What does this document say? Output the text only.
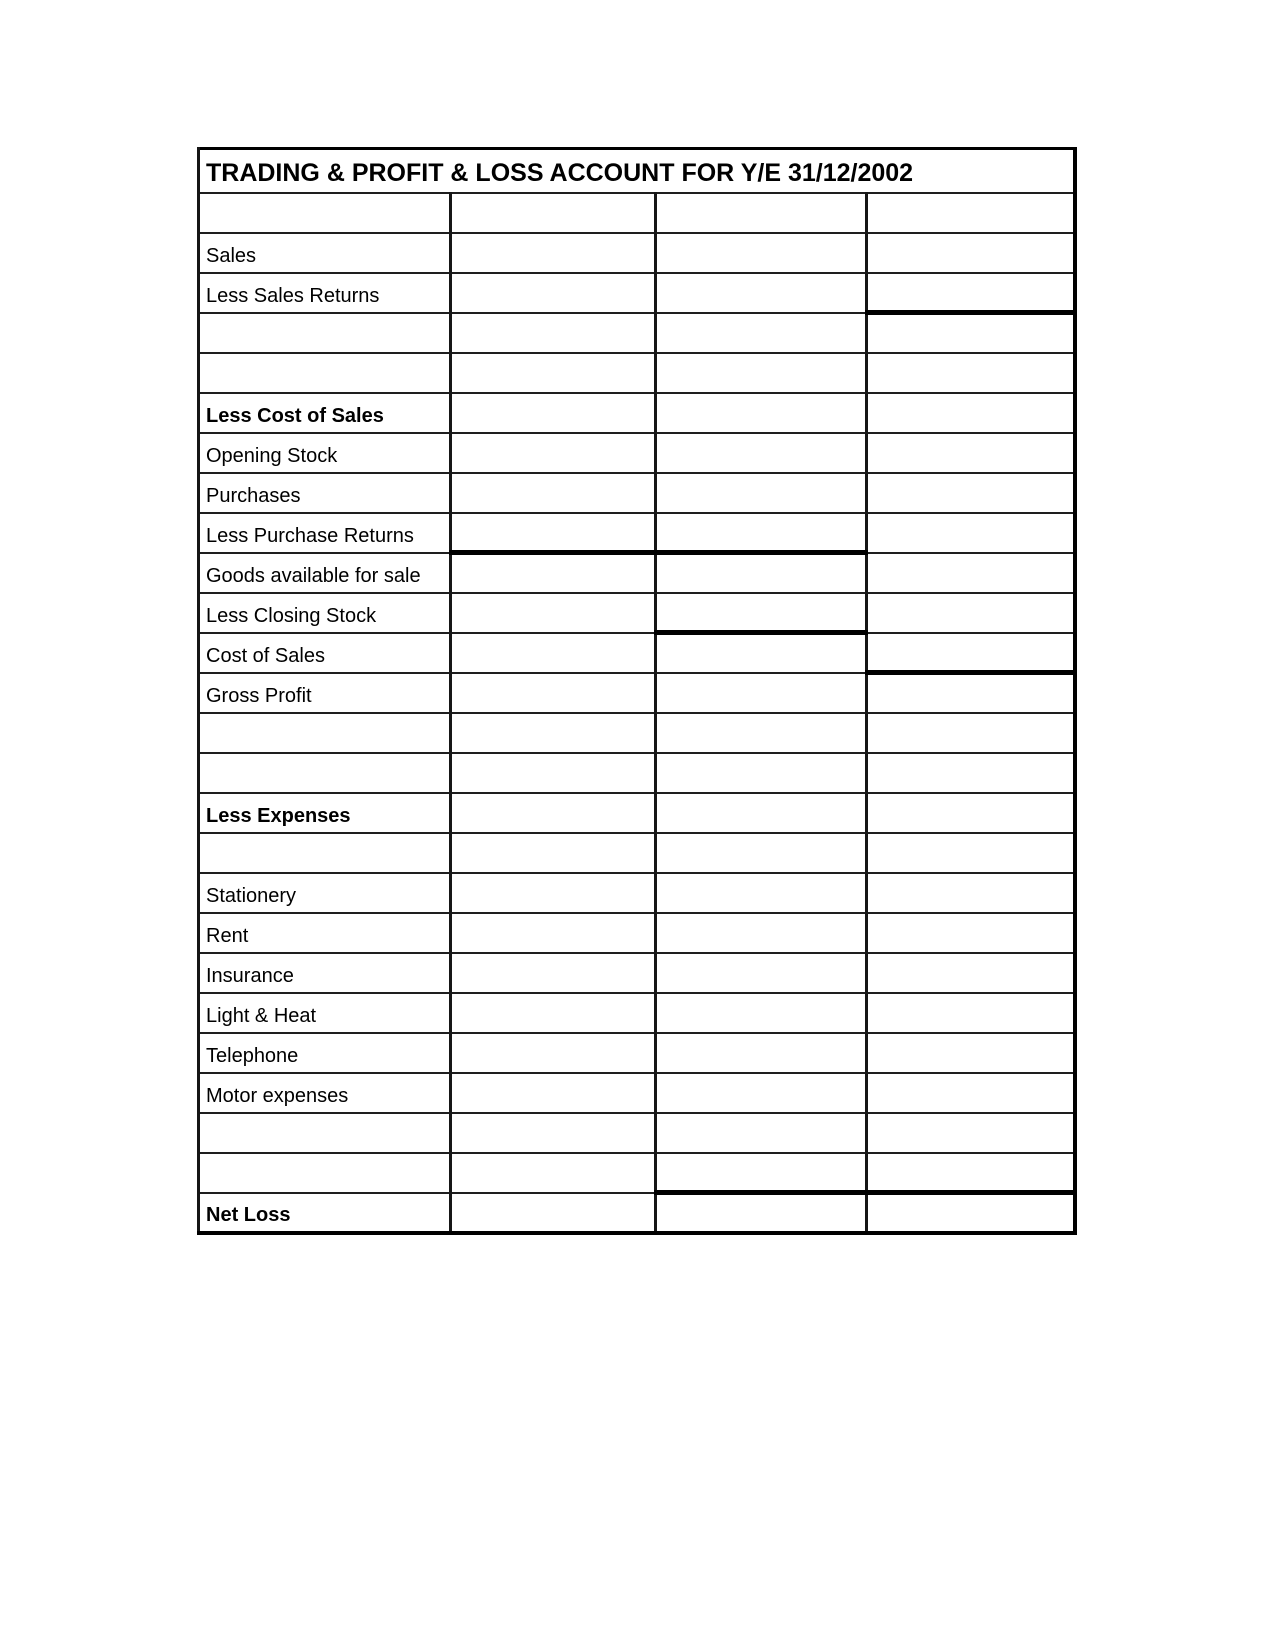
TRADING & PROFIT & LOSS ACCOUNT FOR Y/E 31/12/2002			

Sales			
Less Sales Returns			

Less Cost of Sales			
Opening Stock			
Purchases			
Less Purchase Returns			
Goods available for sale			
Less Closing Stock			
Cost of Sales			
Gross Profit			

Less Expenses			

Stationery			
Rent			
Insurance			
Light & Heat			
Telephone			
Motor expenses			

Net Loss			
